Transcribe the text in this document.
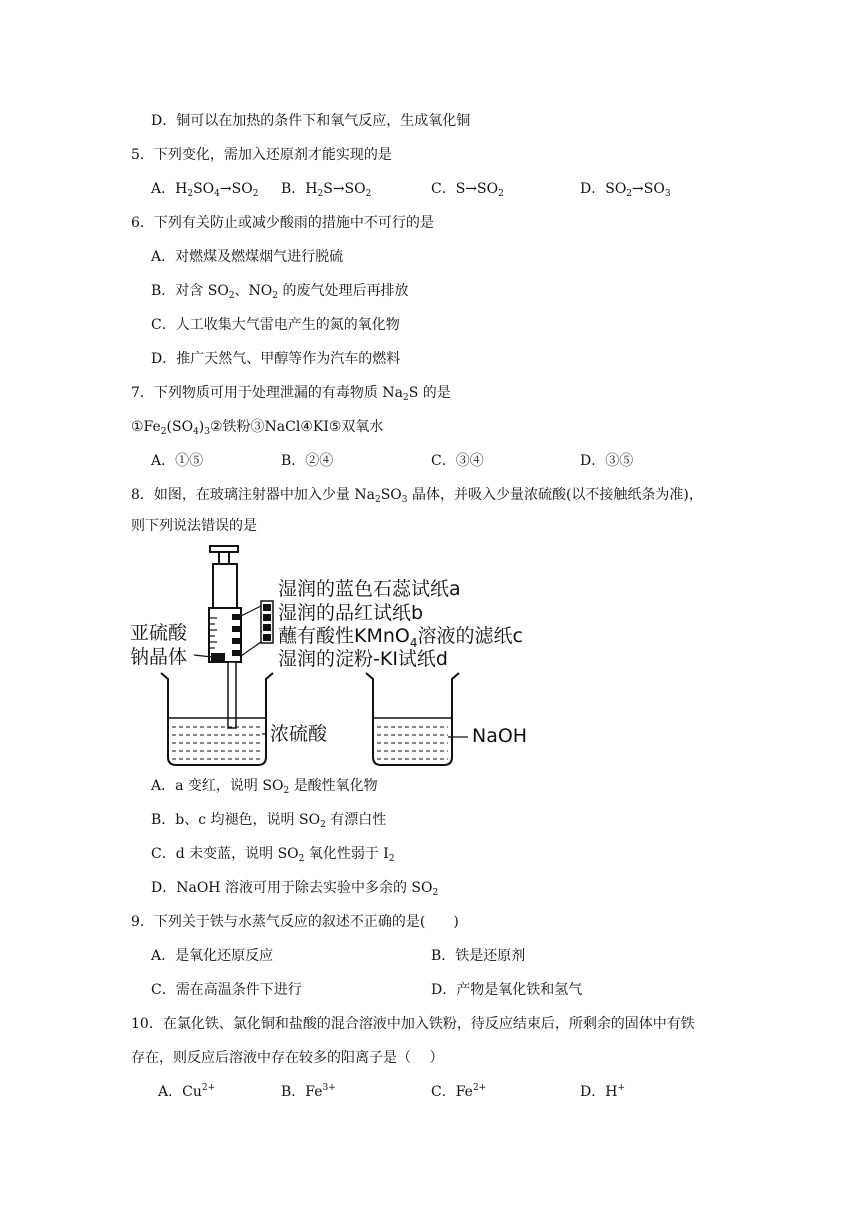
D．铜可以在加热的条件下和氧气反应，生成氧化铜
5．下列变化，需加入还原剂才能实现的是
A．$H_2SO_4\to SO_2$ B．$H_2S\to SO_2$	C．$S\to SO_2$	D．$SO_2\to SO_3$
6．下列有关防止或减少酸雨的措施中不可行的是
A．对燃煤及燃煤烟气进行脱硫
B．对含 $SO_2$、$NO_2$ 的废气处理后再排放
C．人工收集大气雷电产生的氮的氧化物
D．推广天然气、甲醇等作为汽车的燃料
7．下列物质可用于处理泄漏的有毒物质 $Na_2S$ 的是
$①Fe_2(SO_4)_3②$铁粉③NaCl④KI⑤双氧水
A．①⑤	B．②④	C．③④	D．③⑤
8．如图，在玻璃注射器中加入少量 $Na_2SO_3$ 晶体，并吸入少量浓硫酸(以不接触纸条为准)，
则下列说法错误的是
湿润的蓝色石蕊试纸a
湿润的品红试纸b
蘸有酸性KMnO$_4$溶液的滤纸c
湿润的淀粉-KI试纸d
亚硫酸
钠晶体
浓硫酸	NaOH
A．a 变红，说明 $SO_2$ 是酸性氧化物
B．b、c 均褪色，说明 $SO_2$ 有漂白性
C．d 未变蓝，说明 $SO_2$ 氧化性弱于 $I_2$
D．NaOH 溶液可用于除去实验中多余的 $SO_2$
9．下列关于铁与水蒸气反应的叙述不正确的是(　　)
A．是氧化还原反应	B．铁是还原剂
C．需在高温条件下进行	D．产物是氧化铁和氢气
10．在氯化铁、氯化铜和盐酸的混合溶液中加入铁粉，待反应结束后，所剩余的固体中有铁
存在，则反应后溶液中存在较多的阳离子是（　 ）
A．$Cu^{2+}$	B．$Fe^{3+}$	C．$Fe^{2+}$	D．H+
